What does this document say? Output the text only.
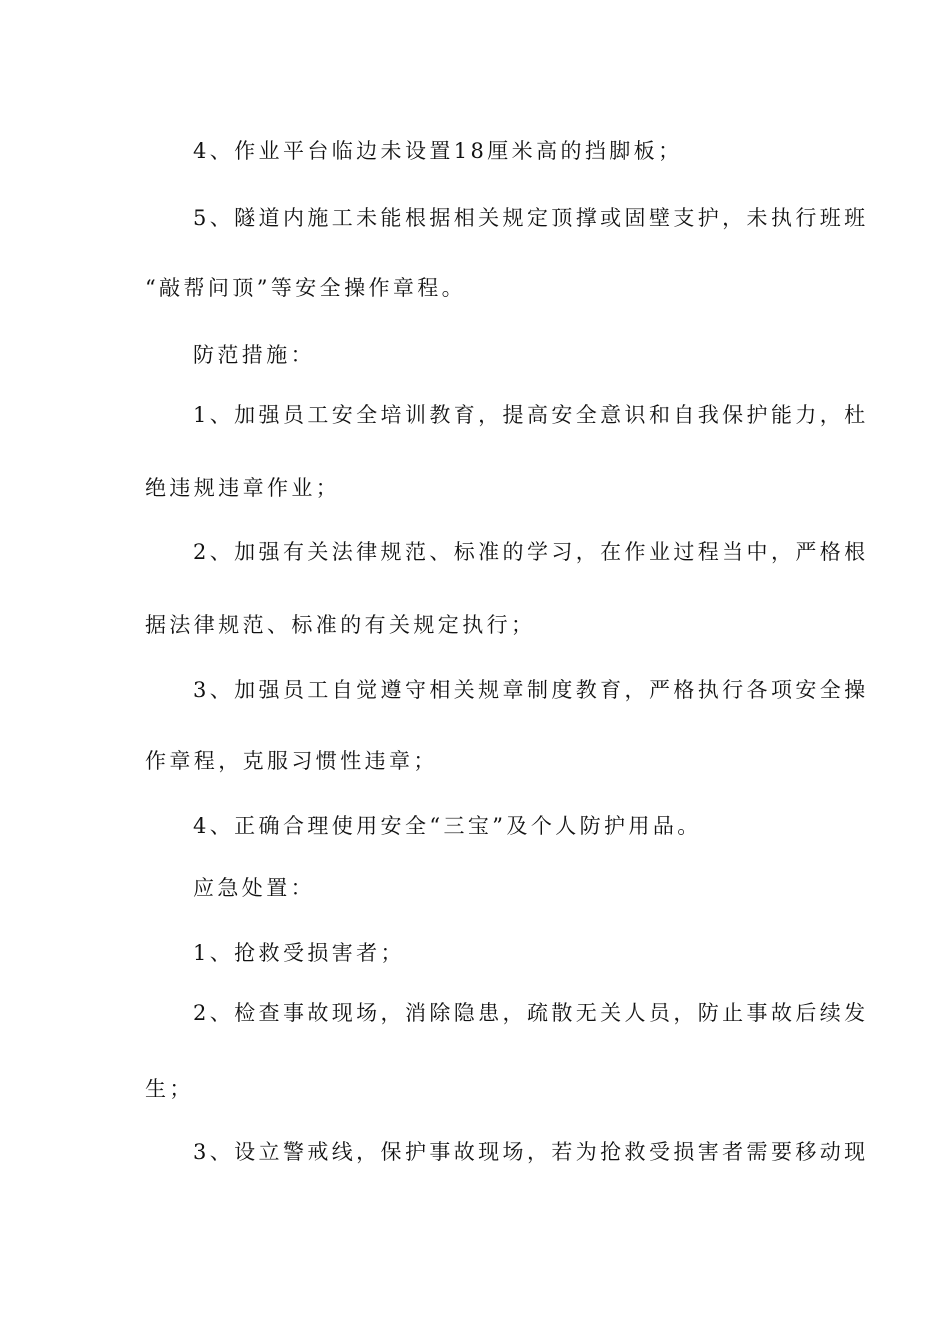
4、作业平台临边未设置18厘米高的挡脚板；
5、隧道内施工未能根据相关规定顶撑或固壁支护，未执行班班
“敲帮问顶”等安全操作章程。
防范措施：
1、加强员工安全培训教育，提高安全意识和自我保护能力，杜
绝违规违章作业；
2、加强有关法律规范、标准的学习，在作业过程当中，严格根
据法律规范、标准的有关规定执行；
3、加强员工自觉遵守相关规章制度教育，严格执行各项安全操
作章程，克服习惯性违章；
4、正确合理使用安全“三宝”及个人防护用品。
应急处置：
1、抢救受损害者；
2、检查事故现场，消除隐患，疏散无关人员，防止事故后续发
生；
3、设立警戒线，保护事故现场，若为抢救受损害者需要移动现
